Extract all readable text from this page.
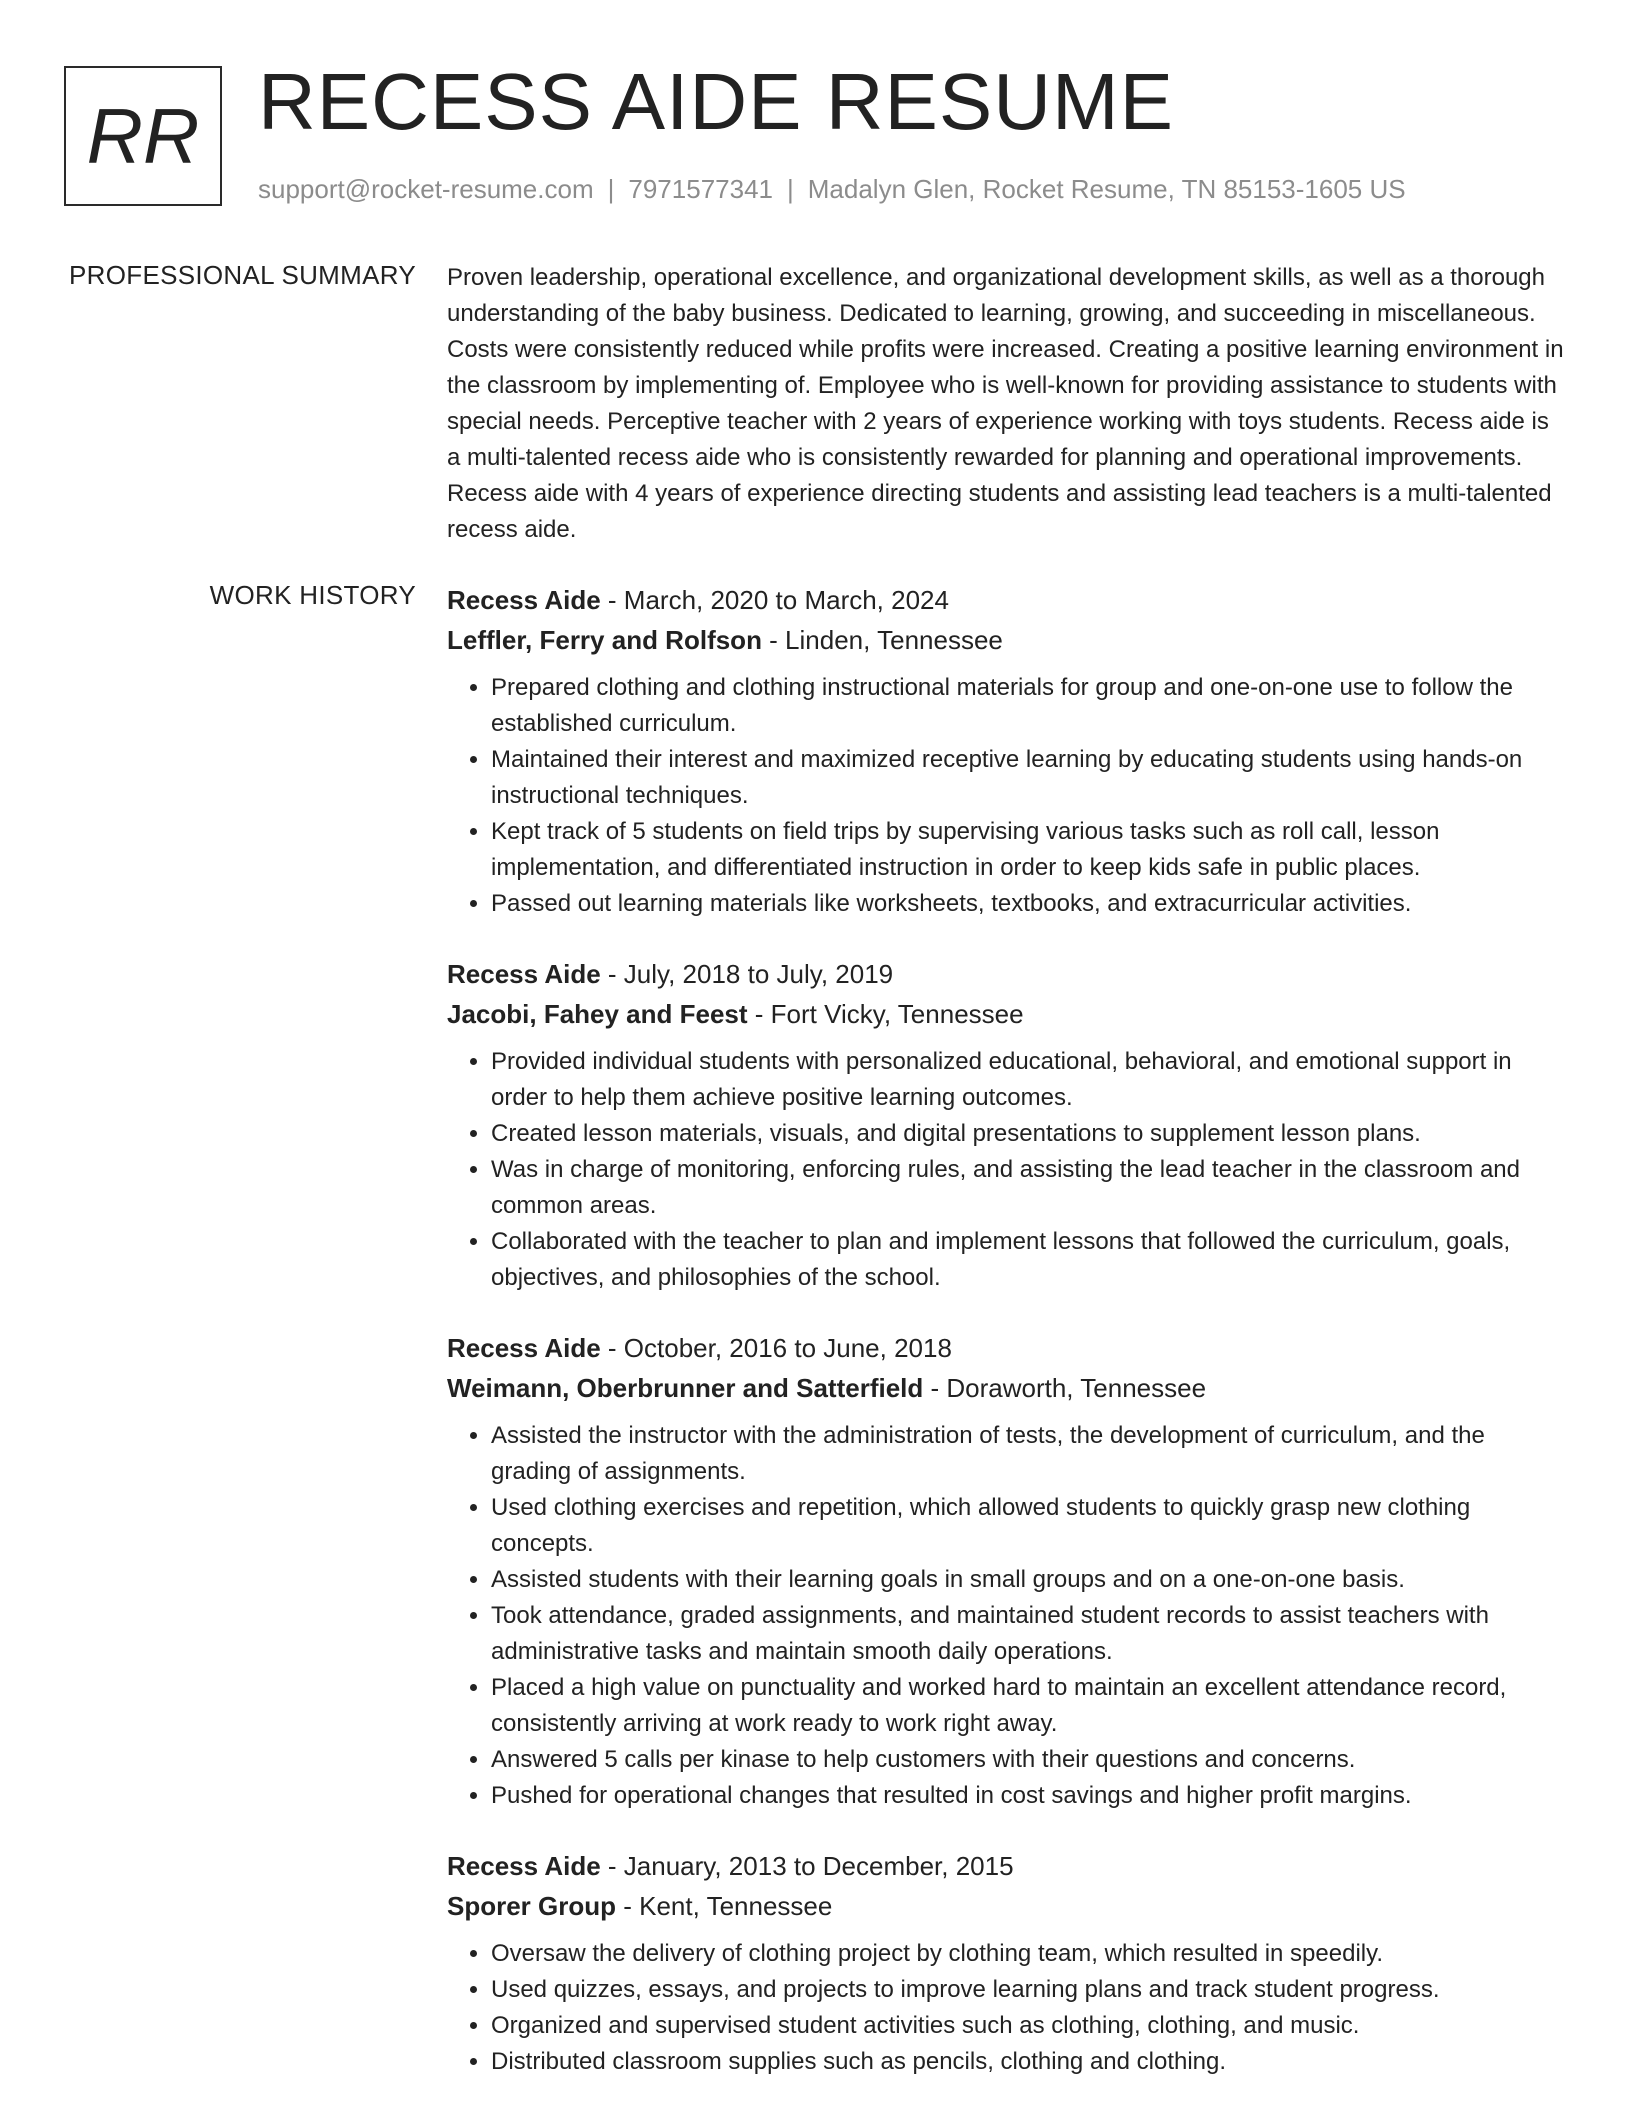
RR RECESS AIDE RESUME
support@rocket-resume.com | 7971577341 | Madalyn Glen, Rocket Resume, TN 85153-1605 US
PROFESSIONAL SUMMARY Proven leadership, operational excellence, and organizational development skills, as well as a thorough understanding of the baby business. Dedicated to learning, growing, and succeeding in miscellaneous. Costs were consistently reduced while profits were increased. Creating a positive learning environment in the classroom by implementing of. Employee who is well-known for providing assistance to students with special needs. Perceptive teacher with 2 years of experience working with toys students. Recess aide is a multi-talented recess aide who is consistently rewarded for planning and operational improvements. Recess aide with 4 years of experience directing students and assisting lead teachers is a multi-talented recess aide.

WORK HISTORY Recess Aide - March, 2020 to March, 2024
Leffler, Ferry and Rolfson - Linden, Tennessee
• Prepared clothing and clothing instructional materials for group and one-on-one use to follow the established curriculum.
• Maintained their interest and maximized receptive learning by educating students using hands-on instructional techniques.
• Kept track of 5 students on field trips by supervising various tasks such as roll call, lesson implementation, and differentiated instruction in order to keep kids safe in public places.
• Passed out learning materials like worksheets, textbooks, and extracurricular activities.
Recess Aide - July, 2018 to July, 2019
Jacobi, Fahey and Feest - Fort Vicky, Tennessee
• Provided individual students with personalized educational, behavioral, and emotional support in order to help them achieve positive learning outcomes.
• Created lesson materials, visuals, and digital presentations to supplement lesson plans.
• Was in charge of monitoring, enforcing rules, and assisting the lead teacher in the classroom and common areas.
• Collaborated with the teacher to plan and implement lessons that followed the curriculum, goals, objectives, and philosophies of the school.
Recess Aide - October, 2016 to June, 2018
Weimann, Oberbrunner and Satterfield - Doraworth, Tennessee
• Assisted the instructor with the administration of tests, the development of curriculum, and the grading of assignments.
• Used clothing exercises and repetition, which allowed students to quickly grasp new clothing concepts.
• Assisted students with their learning goals in small groups and on a one-on-one basis.
• Took attendance, graded assignments, and maintained student records to assist teachers with administrative tasks and maintain smooth daily operations.
• Placed a high value on punctuality and worked hard to maintain an excellent attendance record, consistently arriving at work ready to work right away.
• Answered 5 calls per kinase to help customers with their questions and concerns.
• Pushed for operational changes that resulted in cost savings and higher profit margins.
Recess Aide - January, 2013 to December, 2015
Sporer Group - Kent, Tennessee
• Oversaw the delivery of clothing project by clothing team, which resulted in speedily.
• Used quizzes, essays, and projects to improve learning plans and track student progress.
• Organized and supervised student activities such as clothing, clothing, and music.
• Distributed classroom supplies such as pencils, clothing and clothing.
